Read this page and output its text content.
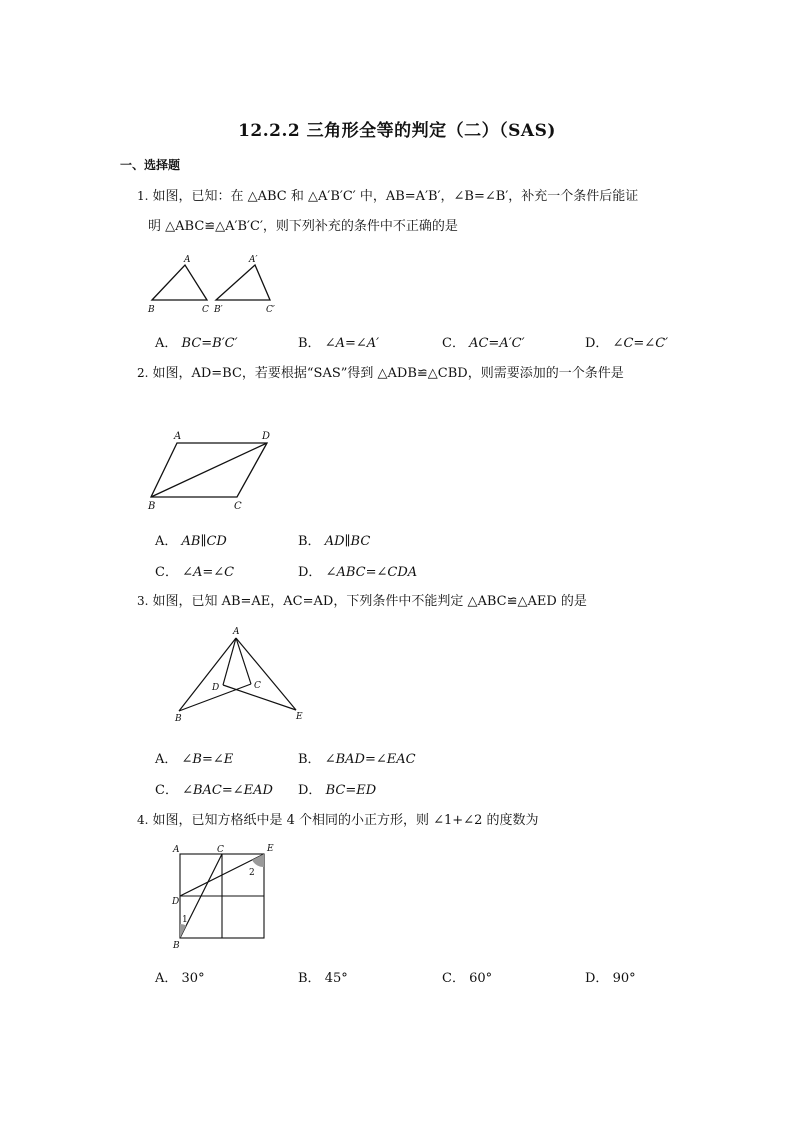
12.2.2 三角形全等的判定（二）（SAS)
一、选择题
1. 如图，已知：在 △ABC 和 △A′B′C′ 中，AB=A′B′，∠B=∠B′，补充一个条件后能证
明 △ABC≌△A′B′C′，则下列补充的条件中不正确的是
A
B	C
A′
B′	C′
A． BC=B′C′	B． ∠A=∠A′	C． AC=A′C′	D． ∠C=∠C′
2. 如图，AD=BC，若要根据“SAS”得到 △ADB≌△CBD，则需要添加的一个条件是
A	D
B	C
A． AB∥CD	B． AD∥BC
C． ∠A=∠C	D． ∠ABC=∠CDA
3. 如图，已知 AB=AE，AC=AD，下列条件中不能判定 △ABC≌△AED 的是
A
D	C
B	E
A． ∠B=∠E	B． ∠BAD=∠EAC
C． ∠BAC=∠EAD D． BC=ED
4. 如图，已知方格纸中是 4 个相同的小正方形，则 ∠1+∠2 的度数为
A	C	E
D
B
1
2
A． 30°	B． 45°	C． 60°	D． 90°
